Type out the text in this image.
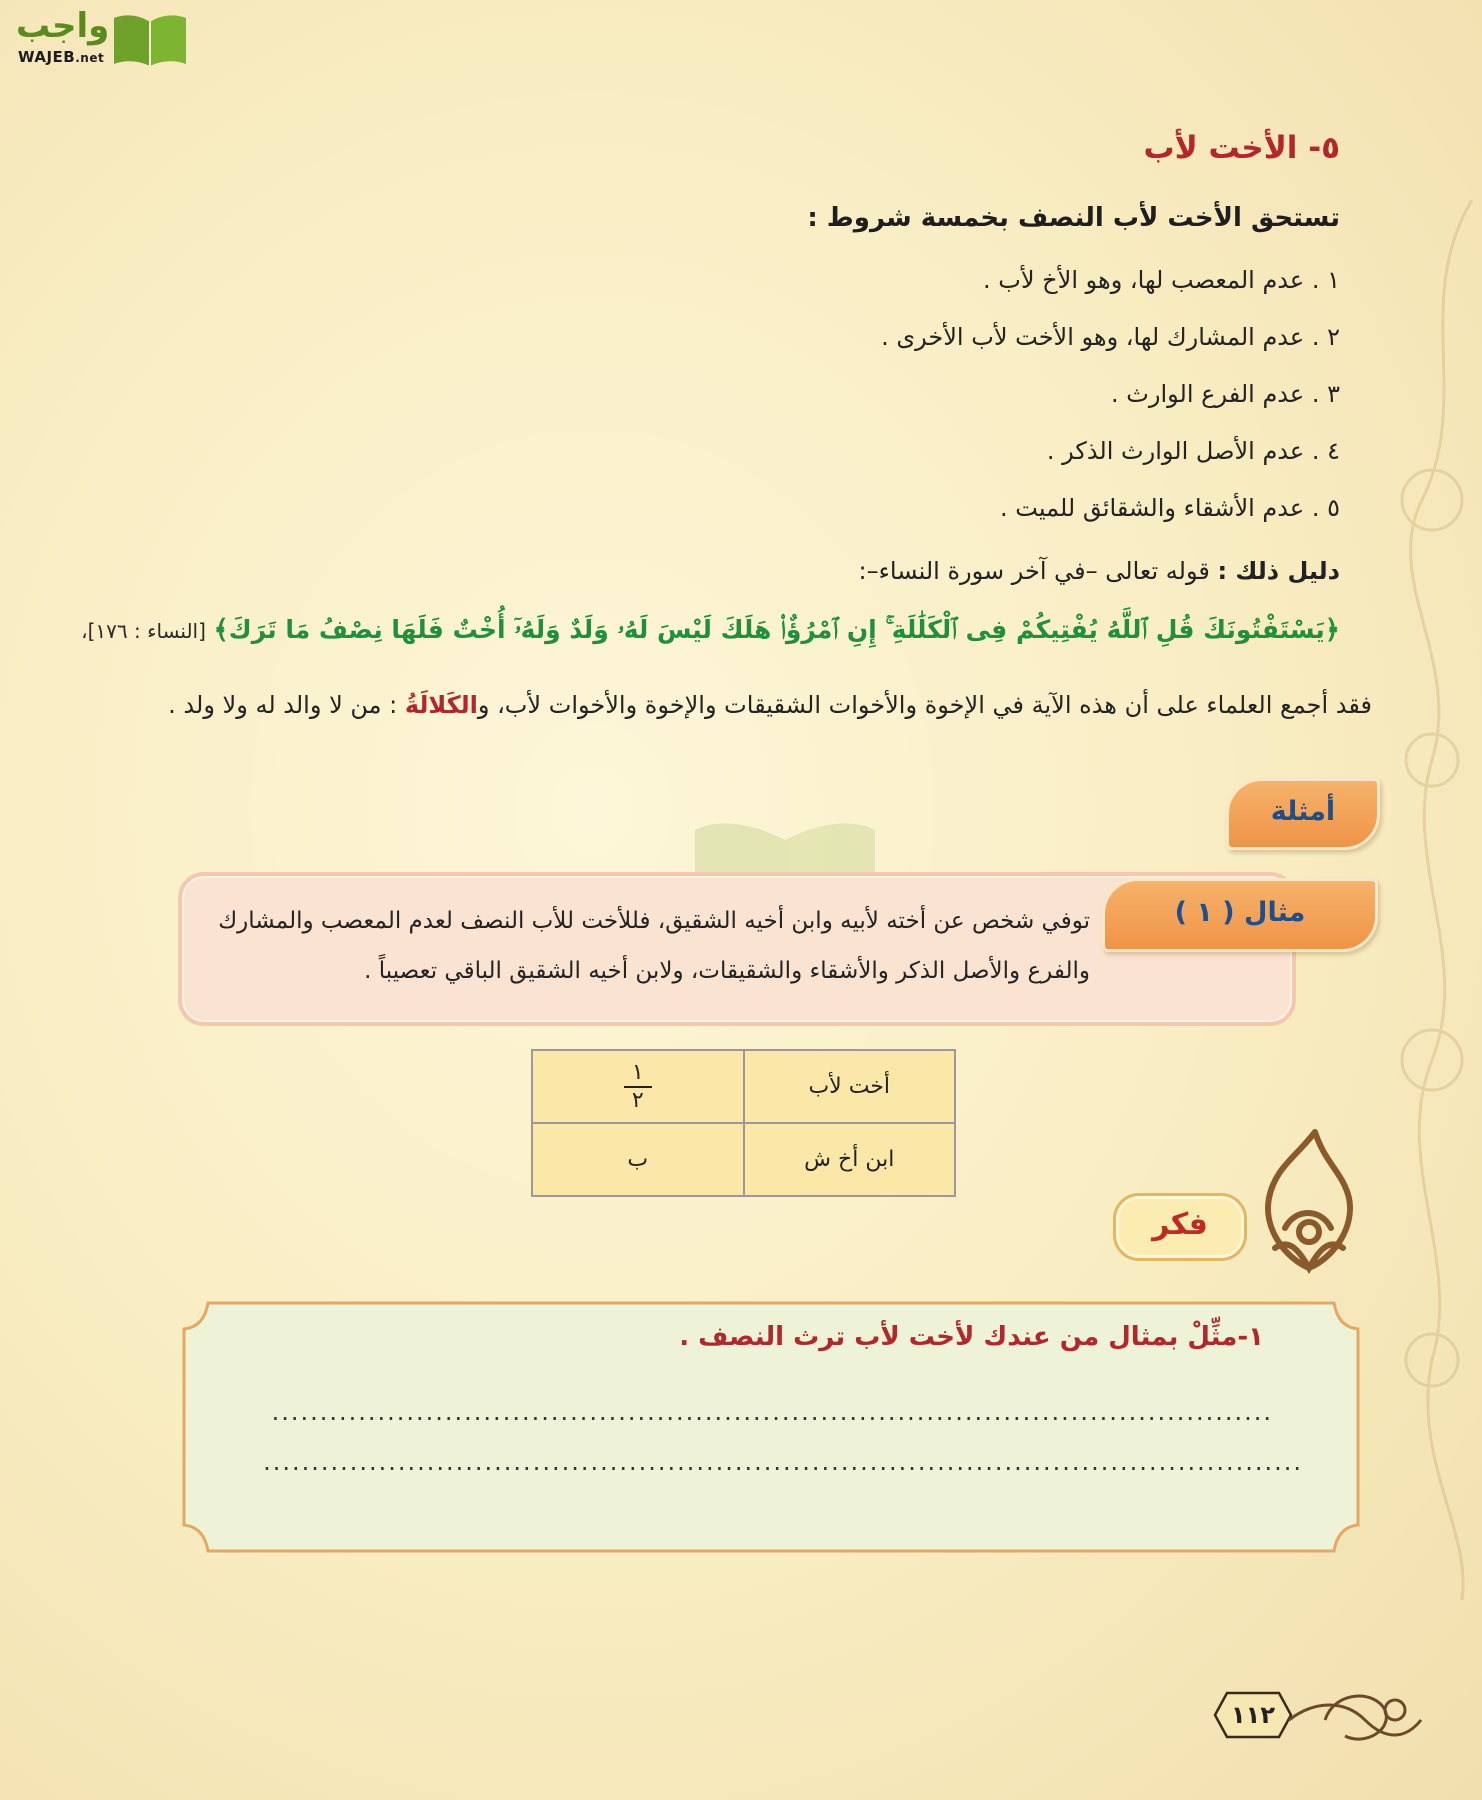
واجب
WAJEB.net
٥- الأخت لأب
تستحق الأخت لأب النصف بخمسة شروط :
١ . عدم المعصب لها، وهو الأخ لأب .
٢ . عدم المشارك لها، وهو الأخت لأب الأخرى .
٣ . عدم الفرع الوارث .
٤ . عدم الأصل الوارث الذكر .
٥ . عدم الأشقاء والشقائق للميت .
دليل ذلك : قوله تعالى –في آخر سورة النساء–:
﴿يَسْتَفْتُونَكَ قُلِ ٱللَّهُ يُفْتِيكُمْ فِى ٱلْكَلَٰلَةِ ۚ إِنِ ٱمْرُؤٌا۟ هَلَكَ لَيْسَ لَهُۥ وَلَدٌ وَلَهُۥٓ أُخْتٌ فَلَهَا نِصْفُ مَا تَرَكَ﴾ [النساء : ١٧٦]،
فقد أجمع العلماء على أن هذه الآية في الإخوة والأخوات الشقيقات والإخوة والأخوات لأب، والكَلالَةُ : من لا والد له ولا ولد .
أمثلة
مثال ( ١ )
توفي شخص عن أخته لأبيه وابن أخيه الشقيق، فللأخت للأب النصف لعدم المعصب والمشارك والفرع والأصل الذكر والأشقاء والشقيقات، ولابن أخيه الشقيق الباقي تعصيباً .
أخت لأب	$\frac{١}{٢}$

ابن أخ ش	ب
فكر
١-مثِّلْ بمثال من عندك لأخت لأب ترث النصف .
........................................................................................................
............................................................................................................
١١٢
